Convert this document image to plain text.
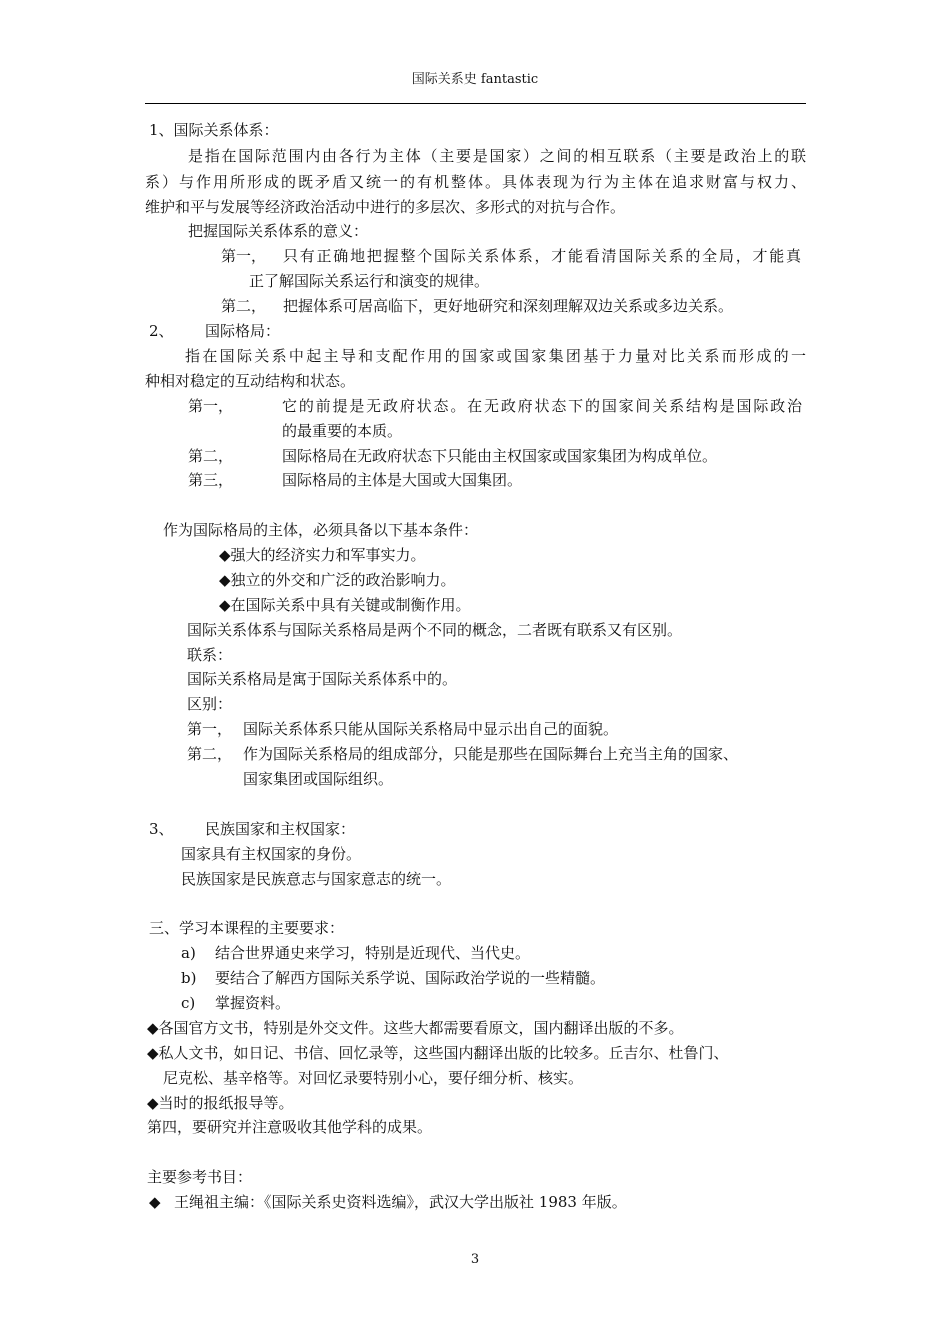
国际关系史 fantastic
1、国际关系体系：
是指在国际范围内由各行为主体（主要是国家）之间的相互联系（主要是政治上的联
系）与作用所形成的既矛盾又统一的有机整体。具体表现为行为主体在追求财富与权力、
维护和平与发展等经济政治活动中进行的多层次、多形式的对抗与合作。
把握国际关系体系的意义：
第一， 只有正确地把握整个国际关系体系，才能看清国际关系的全局，才能真
正了解国际关系运行和演变的规律。
第二， 把握体系可居高临下，更好地研究和深刻理解双边关系或多边关系。
2、 国际格局：
指在国际关系中起主导和支配作用的国家或国家集团基于力量对比关系而形成的一
种相对稳定的互动结构和状态。
第一，	它的前提是无政府状态。在无政府状态下的国家间关系结构是国际政治
的最重要的本质。
第二，	国际格局在无政府状态下只能由主权国家或国家集团为构成单位。
第三，	国际格局的主体是大国或大国集团。
作为国际格局的主体，必须具备以下基本条件：
◆强大的经济实力和军事实力。
◆独立的外交和广泛的政治影响力。
◆在国际关系中具有关键或制衡作用。
国际关系体系与国际关系格局是两个不同的概念，二者既有联系又有区别。
联系：
国际关系格局是寓于国际关系体系中的。
区别：
第一， 国际关系体系只能从国际关系格局中显示出自己的面貌。
第二， 作为国际关系格局的组成部分，只能是那些在国际舞台上充当主角的国家、
国家集团或国际组织。
3、 民族国家和主权国家：
国家具有主权国家的身份。
民族国家是民族意志与国家意志的统一。
三、学习本课程的主要要求：
a) 结合世界通史来学习，特别是近现代、当代史。
b) 要结合了解西方国际关系学说、国际政治学说的一些精髓。
c) 掌握资料。
◆各国官方文书，特别是外交文件。这些大都需要看原文，国内翻译出版的不多。
◆私人文书，如日记、书信、回忆录等，这些国内翻译出版的比较多。丘吉尔、杜鲁门、
尼克松、基辛格等。对回忆录要特别小心，要仔细分析、核实。
◆当时的报纸报导等。
第四，要研究并注意吸收其他学科的成果。
主要参考书目：
◆ 王绳祖主编：《国际关系史资料选编》，武汉大学出版社 1983 年版。
3
